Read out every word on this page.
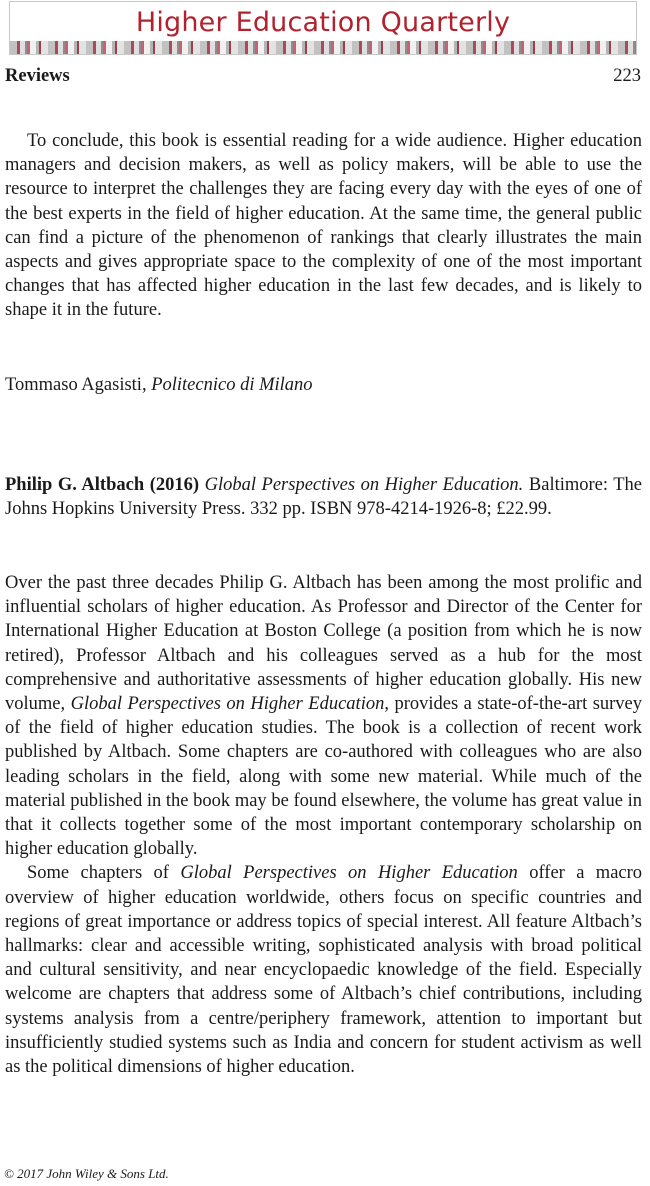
Higher Education Quarterly
Reviews	223

To conclude, this book is essential reading for a wide audience. Higher education managers and decision makers, as well as policy makers, will be able to use the resource to interpret the challenges they are facing every day with the eyes of one of the best experts in the field of higher education. At the same time, the general public can find a picture of the phenomenon of rankings that clearly illustrates the main aspects and gives appropriate space to the complexity of one of the most important changes that has affected higher education in the last few decades, and is likely to shape it in the future.

Tommaso Agasisti, Politecnico di Milano

Philip G. Altbach (2016) Global Perspectives on Higher Education. Baltimore: The Johns Hopkins University Press. 332 pp. ISBN 978-4214-1926-8; £22.99.

Over the past three decades Philip G. Altbach has been among the most prolific and influential scholars of higher education. As Professor and Director of the Center for International Higher Education at Boston College (a position from which he is now retired), Professor Altbach and his colleagues served as a hub for the most comprehensive and authoritative assessments of higher education globally. His new volume, Global Perspectives on Higher Education, provides a state-of-the-art survey of the field of higher education studies. The book is a collection of recent work published by Altbach. Some chapters are co-authored with colleagues who are also leading scholars in the field, along with some new material. While much of the material published in the book may be found elsewhere, the volume has great value in that it collects together some of the most important contemporary scholarship on higher education globally.

Some chapters of Global Perspectives on Higher Education offer a macro overview of higher education worldwide, others focus on specific countries and regions of great importance or address topics of special interest. All feature Altbach’s hallmarks: clear and accessible writing, sophisticated analysis with broad political and cultural sensitivity, and near encyclopaedic knowledge of the field. Especially welcome are chapters that address some of Altbach’s chief contributions, including systems analysis from a centre/periphery framework, attention to important but insufficiently studied systems such as India and concern for student activism as well as the political dimensions of higher education.

© 2017 John Wiley & Sons Ltd.
